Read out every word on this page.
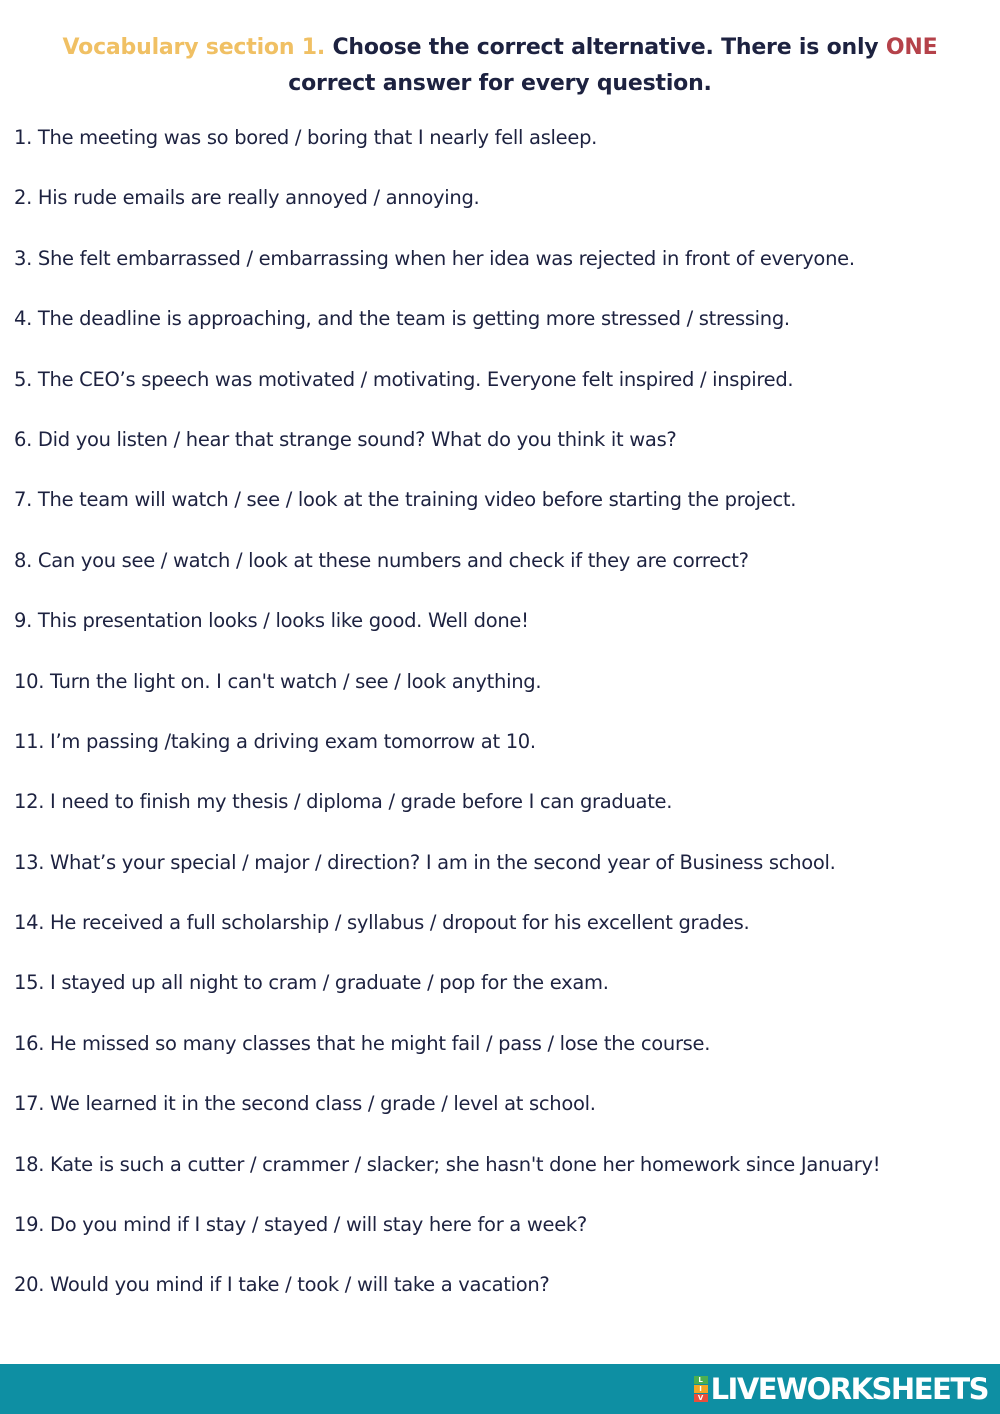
Vocabulary section 1. Choose the correct alternative. There is only ONE correct answer for every question.
1. The meeting was so bored / boring that I nearly fell asleep.
2. His rude emails are really annoyed / annoying.
3. She felt embarrassed / embarrassing when her idea was rejected in front of everyone.
4. The deadline is approaching, and the team is getting more stressed / stressing.
5. The CEO’s speech was motivated / motivating. Everyone felt inspired / inspired.
6. Did you listen / hear that strange sound? What do you think it was?
7. The team will watch / see / look at the training video before starting the project.
8. Can you see / watch / look at these numbers and check if they are correct?
9. This presentation looks / looks like good. Well done!
10. Turn the light on. I can't watch / see / look anything.
11. I’m passing /taking a driving exam tomorrow at 10.
12. I need to finish my thesis / diploma / grade before I can graduate.
13. What’s your special / major / direction? I am in the second year of Business school.
14. He received a full scholarship / syllabus / dropout for his excellent grades.
15. I stayed up all night to cram / graduate / pop for the exam.
16. He missed so many classes that he might fail / pass / lose the course.
17. We learned it in the second class / grade / level at school.
18. Kate is such a cutter / crammer / slacker; she hasn't done her homework since January!
19. Do you mind if I stay / stayed / will stay here for a week?
20. Would you mind if I take / took / will take a vacation?
L
I
V LIVEWORKSHEETS
